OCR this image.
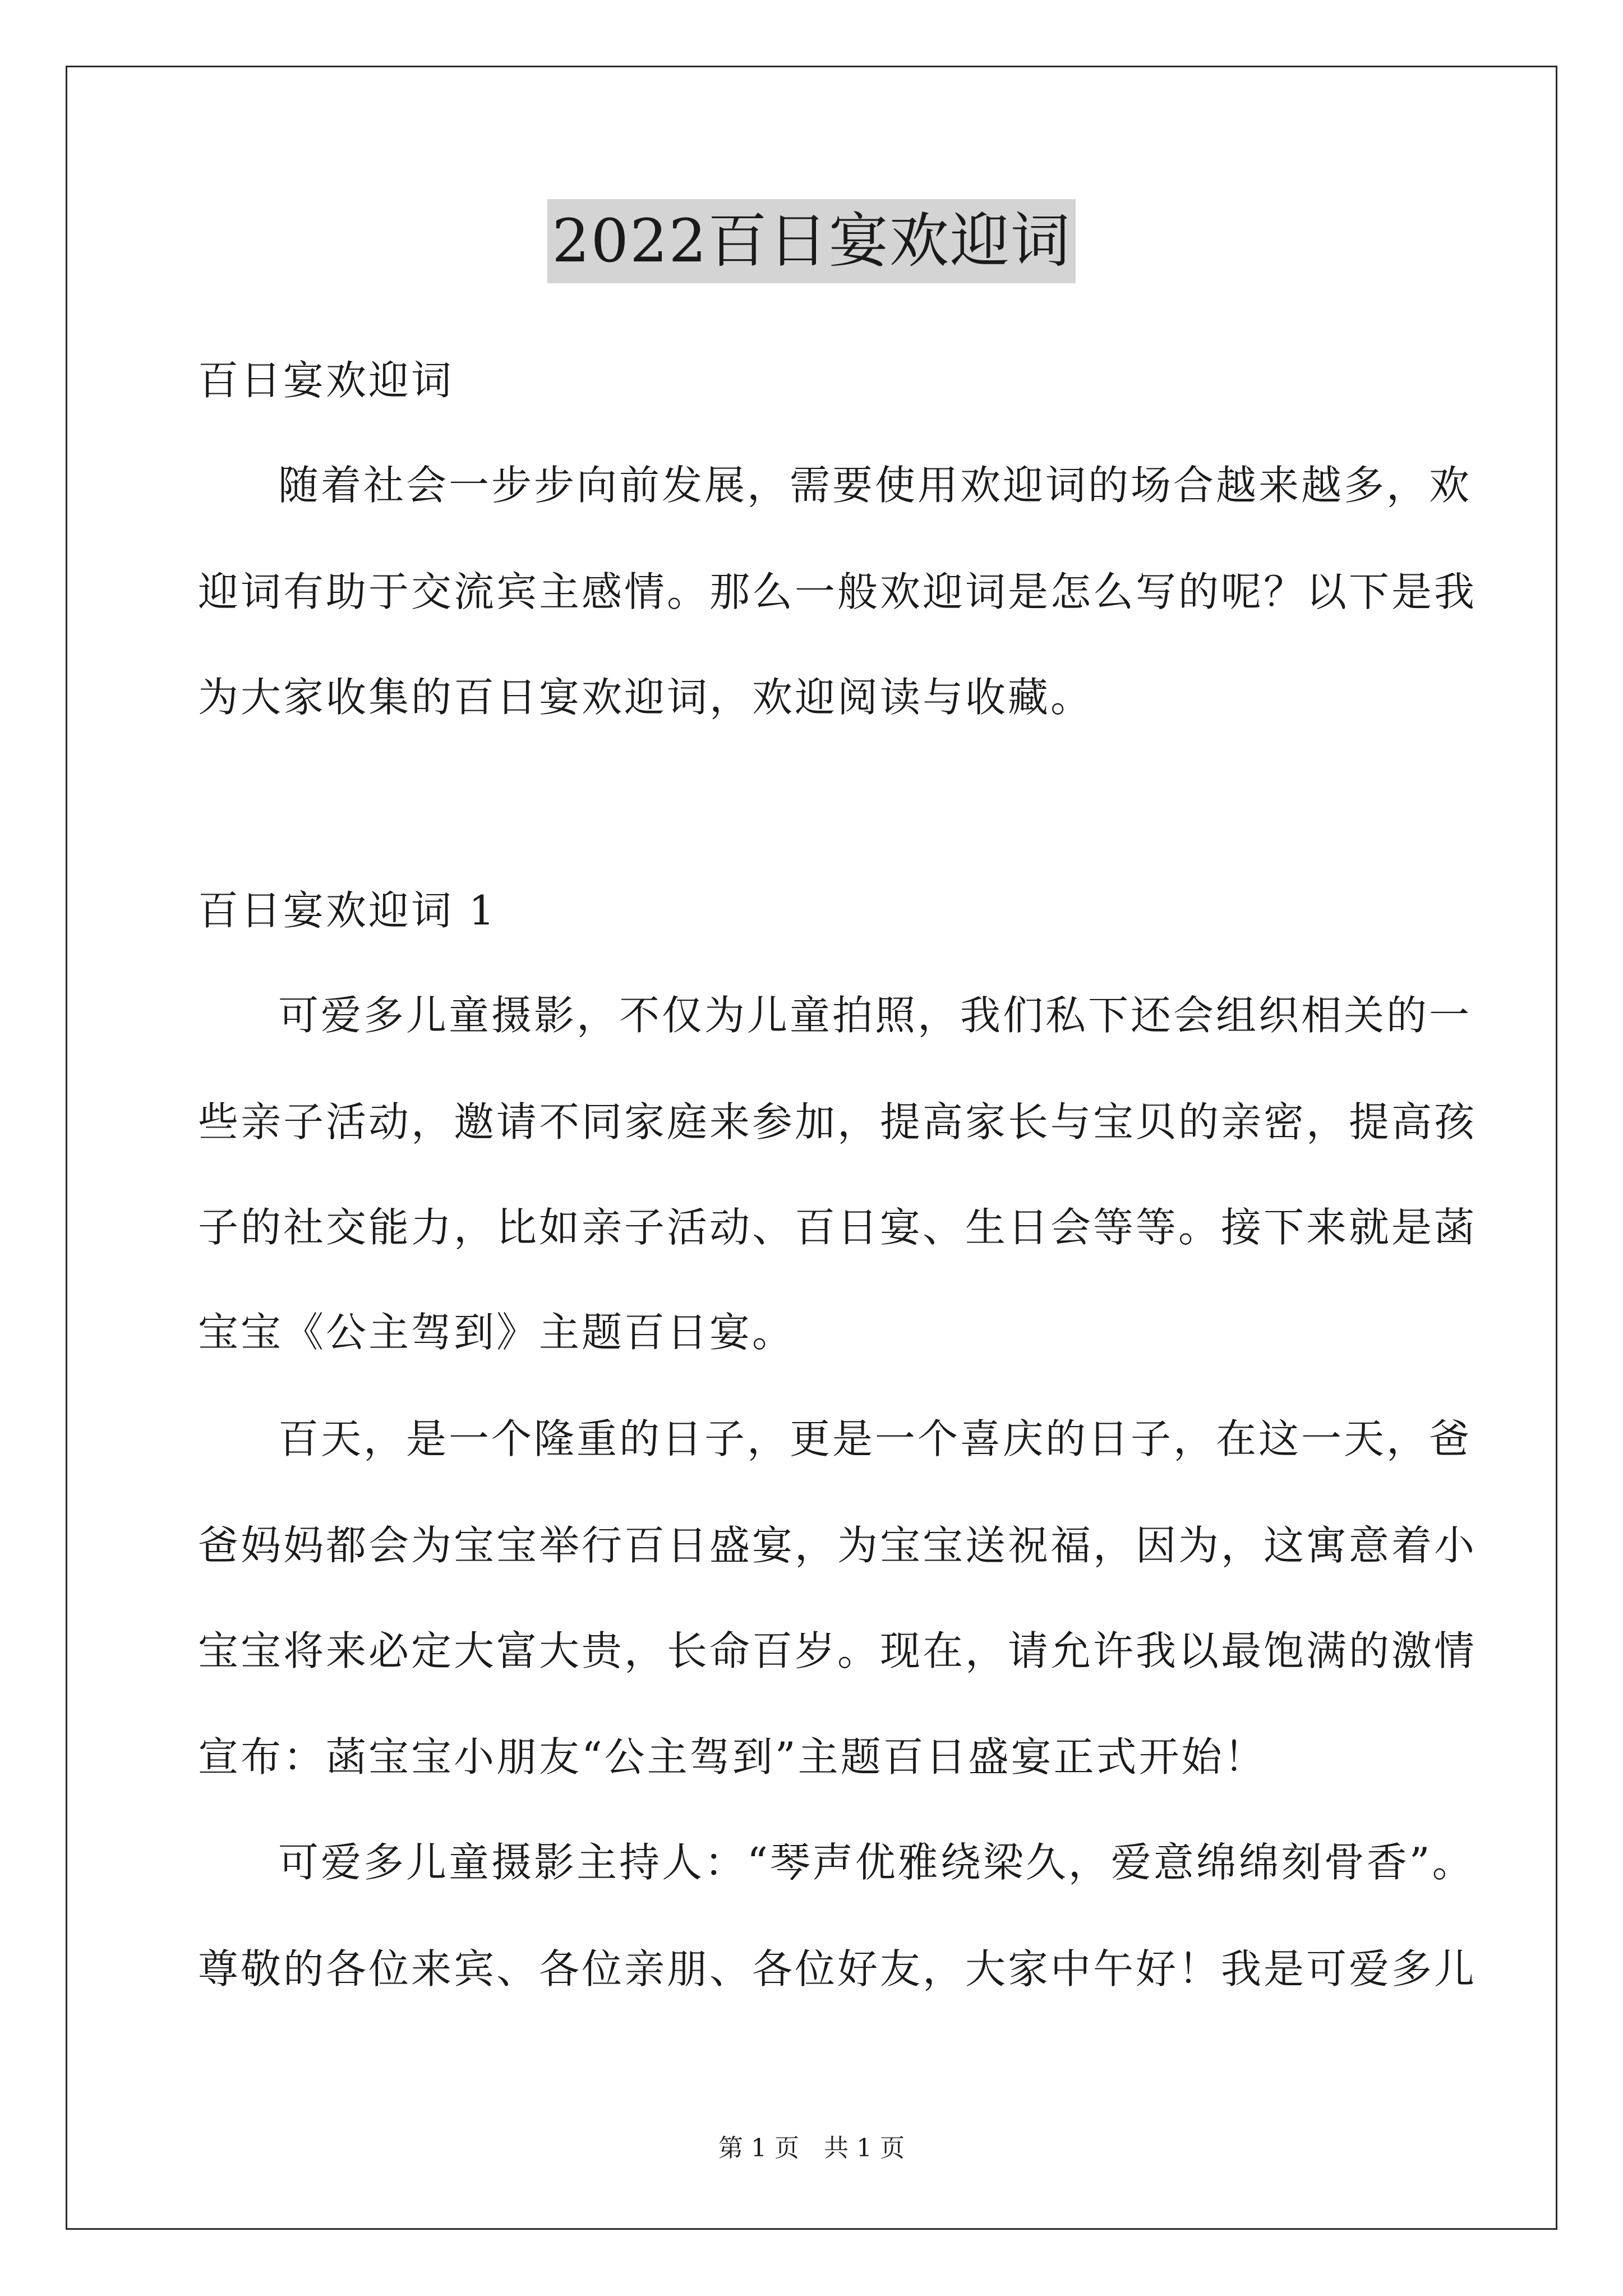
2022百日宴欢迎词
百日宴欢迎词
随着社会一步步向前发展，需要使用欢迎词的场合越来越多，欢
迎词有助于交流宾主感情。那么一般欢迎词是怎么写的呢？以下是我
为大家收集的百日宴欢迎词，欢迎阅读与收藏。
百日宴欢迎词 1
可爱多儿童摄影，不仅为儿童拍照，我们私下还会组织相关的一
些亲子活动，邀请不同家庭来参加，提高家长与宝贝的亲密，提高孩
子的社交能力，比如亲子活动、百日宴、生日会等等。接下来就是菡
宝宝《公主驾到》主题百日宴。
百天，是一个隆重的日子，更是一个喜庆的日子，在这一天，爸
爸妈妈都会为宝宝举行百日盛宴，为宝宝送祝福，因为，这寓意着小
宝宝将来必定大富大贵，长命百岁。现在，请允许我以最饱满的激情
宣布：菡宝宝小朋友“公主驾到”主题百日盛宴正式开始！
可爱多儿童摄影主持人：“琴声优雅绕梁久，爱意绵绵刻骨香”。
尊敬的各位来宾、各位亲朋、各位好友，大家中午好！我是可爱多儿
第 1 页　共 1 页
